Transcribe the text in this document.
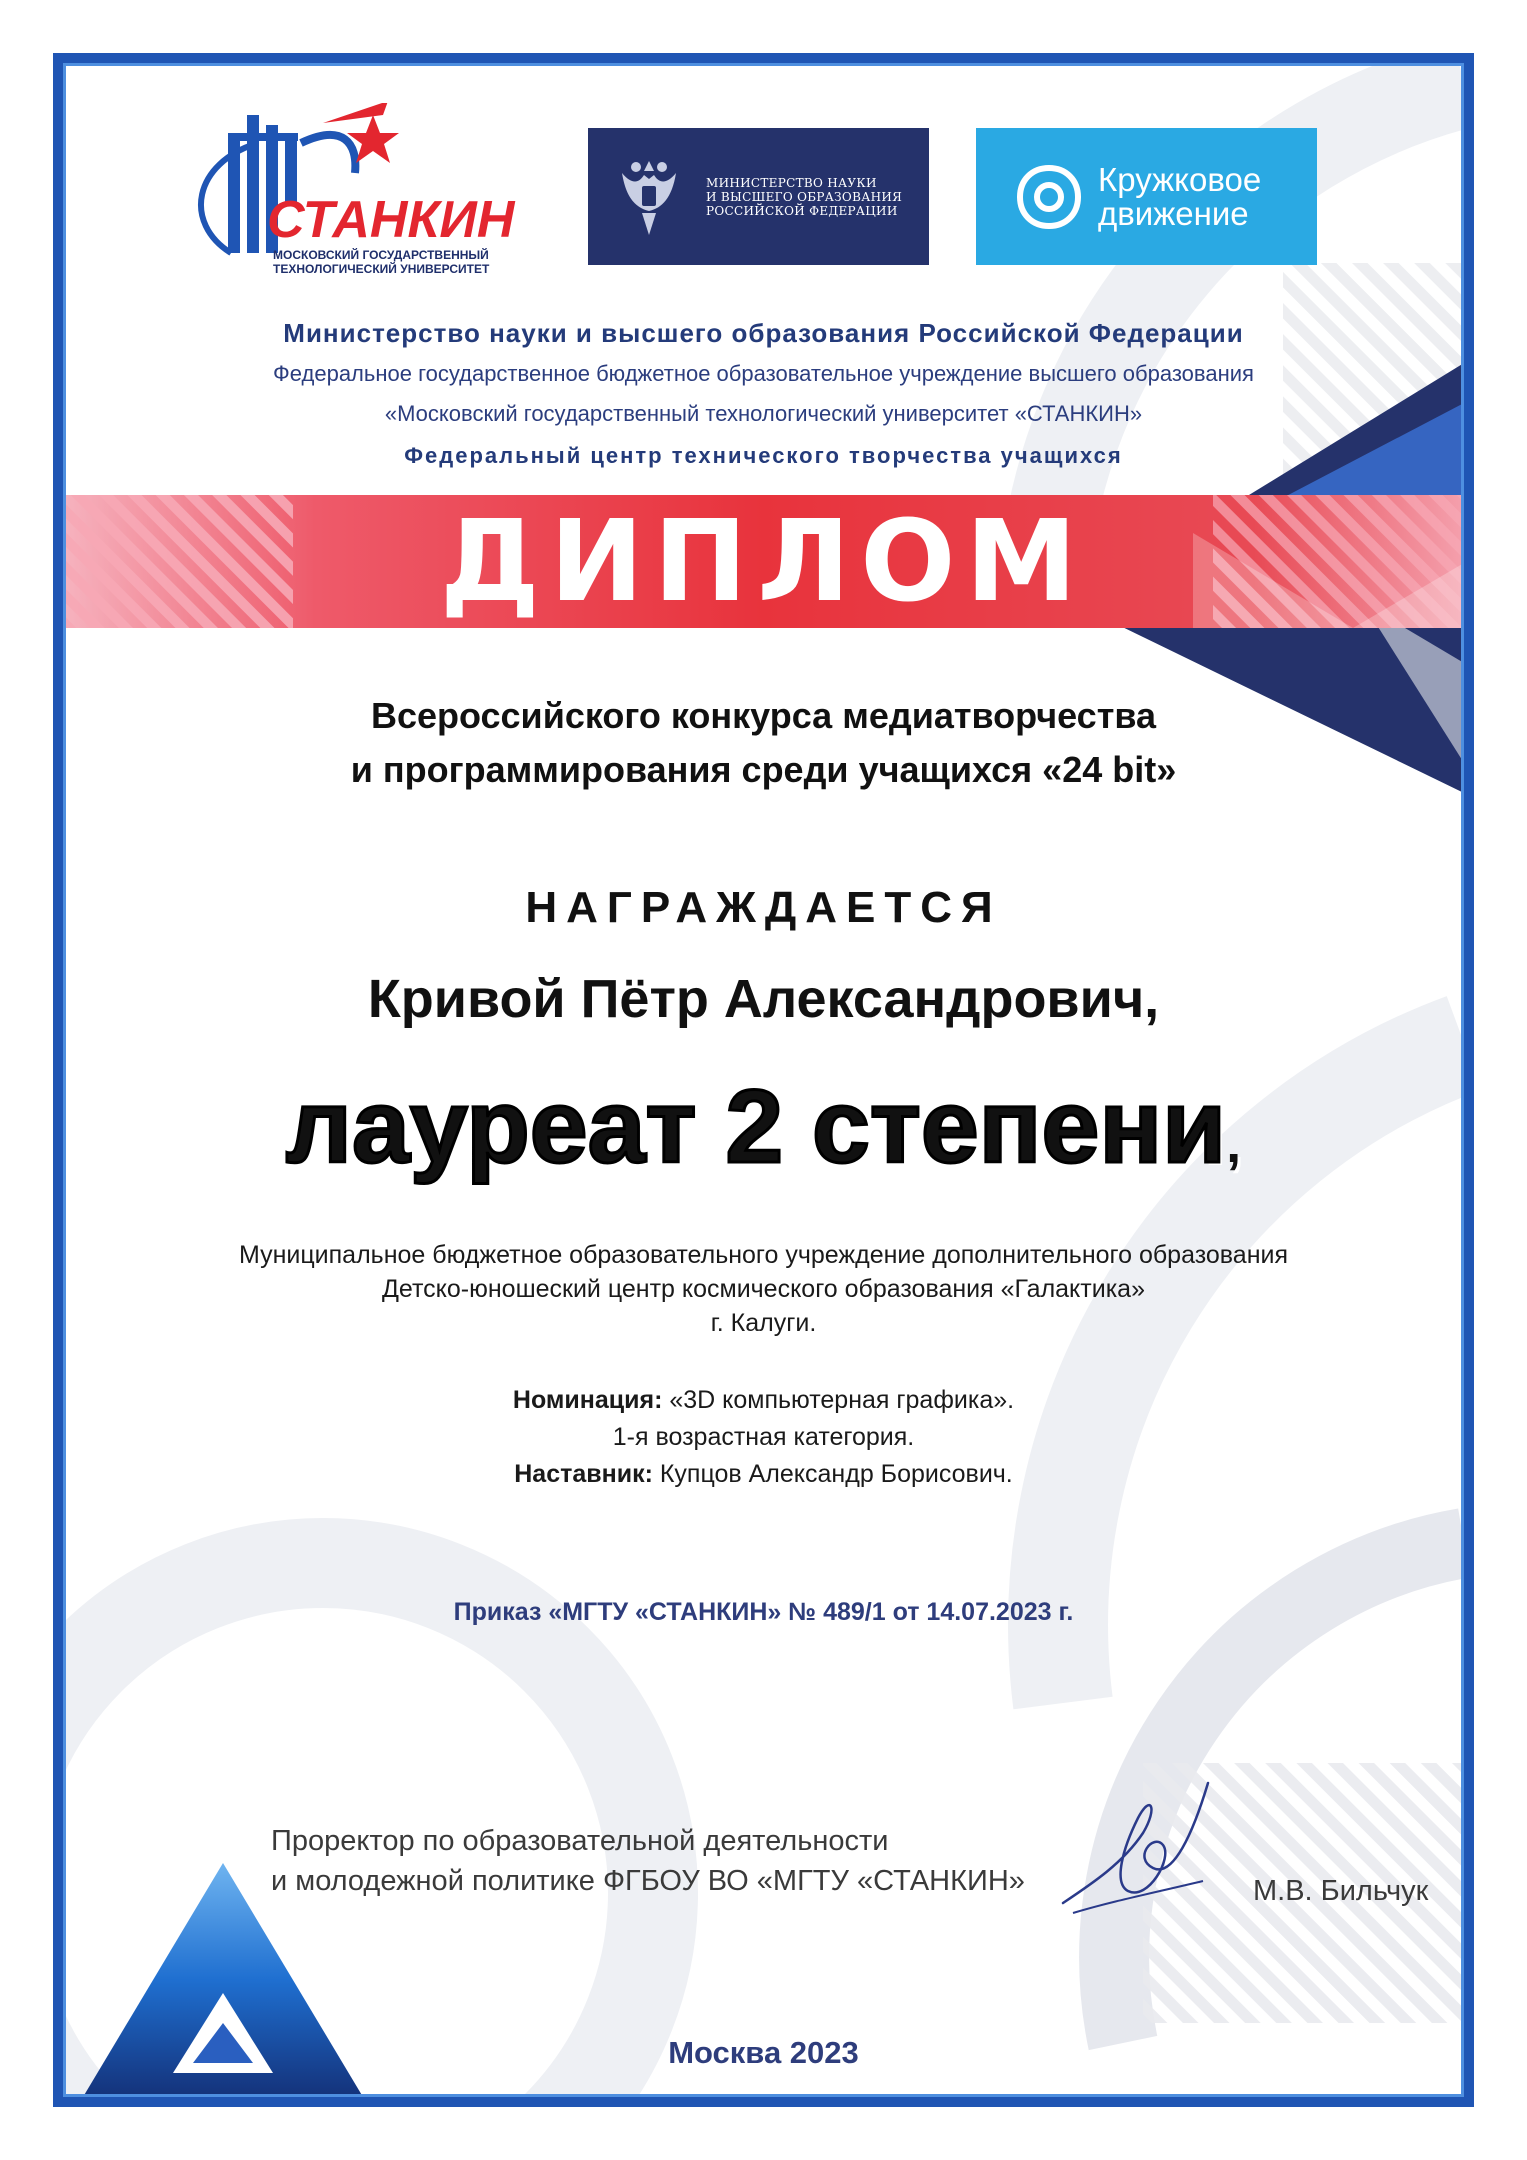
СТАНКИН
МОСКОВСКИЙ ГОСУДАРСТВЕННЫЙ
ТЕХНОЛОГИЧЕСКИЙ УНИВЕРСИТЕТ
МИНИСТЕРСТВО НАУКИ
И ВЫСШЕГО ОБРАЗОВАНИЯ
РОССИЙСКОЙ ФЕДЕРАЦИИ
Кружковое
движение
Министерство науки и высшего образования Российской Федерации
Федеральное государственное бюджетное образовательное учреждение высшего образования
«Московский государственный технологический университет «СТАНКИН»
Федеральный центр технического творчества учащихся
ДИПЛОМ
Всероссийского конкурса медиатворчества
и программирования среди учащихся «24 bit»
НАГРАЖДАЕТСЯ
Кривой Пётр Александрович,
лауреат 2 степени,
Муниципальное бюджетное образовательного учреждение дополнительного образования
Детско-юношеский центр космического образования «Галактика»
г. Калуги.
Номинация: «3D компьютерная графика».
1-я возрастная категория.
Наставник: Купцов Александр Борисович.
Приказ «МГТУ «СТАНКИН» № 489/1 от 14.07.2023 г.
Проректор по образовательной деятельности
и молодежной политике ФГБОУ ВО «МГТУ «СТАНКИН»	М.В. Бильчук
Москва 2023
